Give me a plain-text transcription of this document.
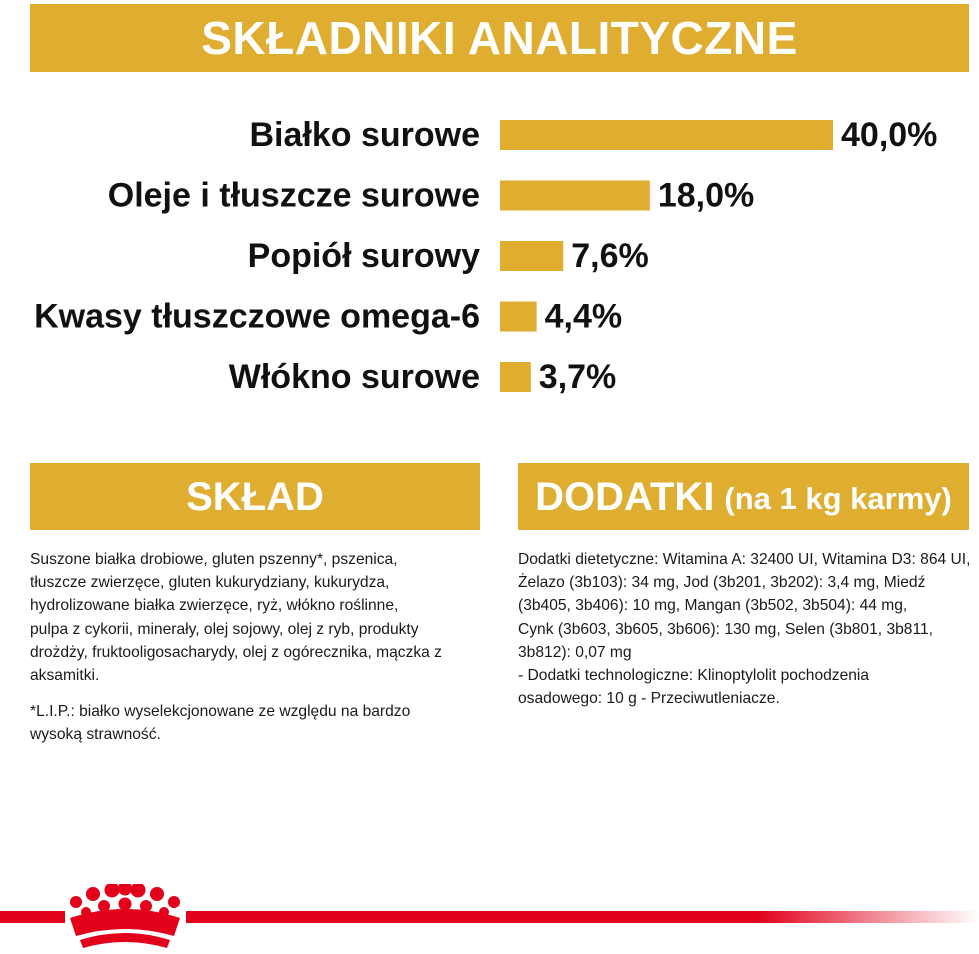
SKŁADNIKI ANALITYCZNE
Białko surowe	40,0%
Oleje i tłuszcze surowe	18,0%
Popiół surowy	7,6%
Kwasy tłuszczowe omega-6 4,4%
Włókno surowe 3,7%
SKŁAD

Suszone białka drobiowe, gluten pszenny*, pszenica,
tłuszcze zwierzęce, gluten kukurydziany, kukurydza,
hydrolizowane białka zwierzęce, ryż, włókno roślinne,
pulpa z cykorii, minerały, olej sojowy, olej z ryb, produkty
drożdży, fruktooligosacharydy, olej z ogórecznika, mączka z
aksamitki.

*L.I.P.: białko wyselekcjonowane ze względu na bardzo
wysoką strawność.

DODATKI (na 1 kg karmy)

Dodatki dietetyczne: Witamina A: 32400 UI, Witamina D3: 864 UI,
Żelazo (3b103): 34 mg, Jod (3b201, 3b202): 3,4 mg, Miedź
(3b405, 3b406): 10 mg, Mangan (3b502, 3b504): 44 mg,
Cynk (3b603, 3b605, 3b606): 130 mg, Selen (3b801, 3b811,
3b812): 0,07 mg
- Dodatki technologiczne: Klinoptylolit pochodzenia
osadowego: 10 g - Przeciwutleniacze.
